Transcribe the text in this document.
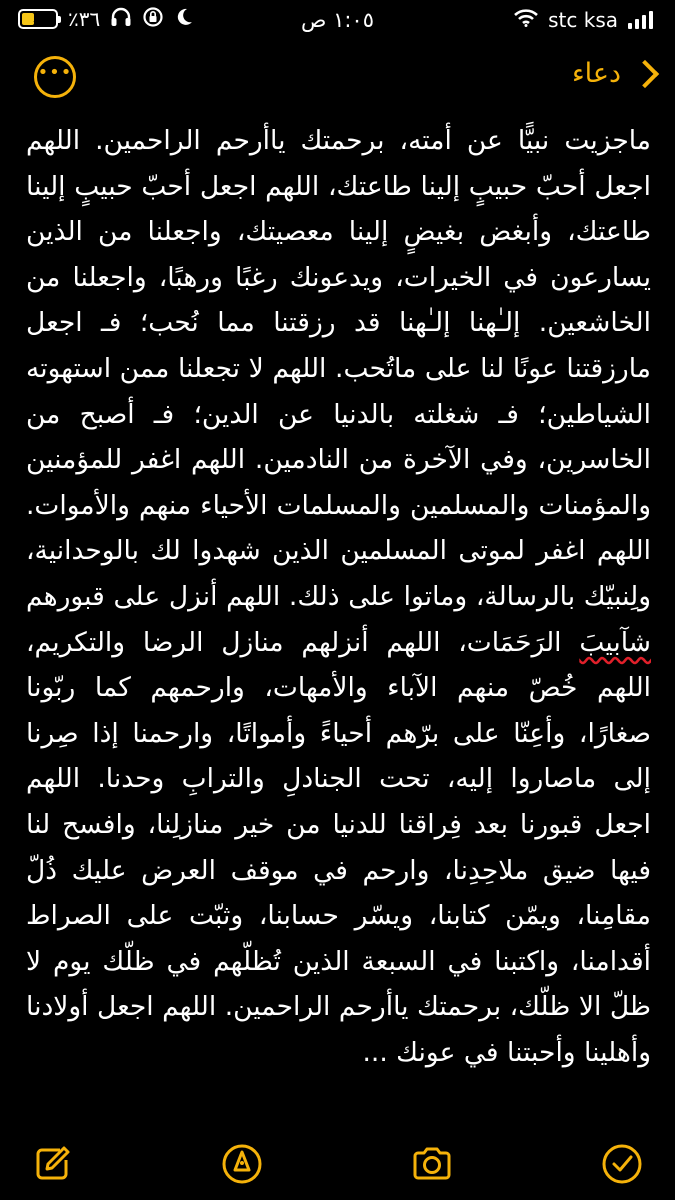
⚡ ٪٣٦	١:٠٥ ص	stc ksa
•••	دعاء
ماجزيت نبيًّا عن أمته، برحمتك ياأرحم الراحمين. اللهم اجعل أحبّ حبيبٍ إلينا طاعتك، اللهم اجعل أحبّ حبيبٍ إلينا طاعتك، وأبغض بغيضٍ إلينا معصيتك، واجعلنا من الذين يسارعون في الخيرات، ويدعونك رغبًا ورهبًا، واجعلنا من الخاشعين. إلـٰهنا إلـٰهنا قد رزقتنا مما نُحب؛ فـ اجعل مارزقتنا عونًا لنا على ماتُحب. اللهم لا تجعلنا ممن استهوته الشياطين؛ فـ شغلته بالدنيا عن الدين؛ فـ أصبح من الخاسرين، وفي الآخرة من النادمين. اللهم اغفر للمؤمنين والمؤمنات والمسلمين والمسلمات الأحياء منهم والأموات. اللهم اغفر لموتى المسلمين الذين شهدوا لك بالوحدانية، ولِنبيّك بالرسالة، وماتوا على ذلك. اللهم أنزل على قبورهم شآبيبَ الرَحَمَات، اللهم أنزلهم منازل الرضا والتكريم، اللهم خُصّ منهم الآباء والأمهات، وارحمهم كما ربّونا صغارًا، وأعِنّا على برّهم أحياءً وأمواتًا، وارحمنا إذا صِرنا إلى ماصاروا إليه، تحت الجنادلِ والترابِ وحدنا. اللهم اجعل قبورنا بعد فِراقنا للدنيا من خير منازلِنا، وافسح لنا فيها ضيق ملاحِدِنا، وارحم في موقف العرض عليك ذُلّ مقامِنا، ويمّن كتابنا، ويسّر حسابنا، وثبّت على الصراط أقدامنا، واكتبنا في السبعة الذين تُظلّهم في ظلّك يوم لا ظلّ الا ظلّك، برحمتك ياأرحم الراحمين. اللهم اجعل أولادنا وأهلينا وأحبتنا في عونك ...
